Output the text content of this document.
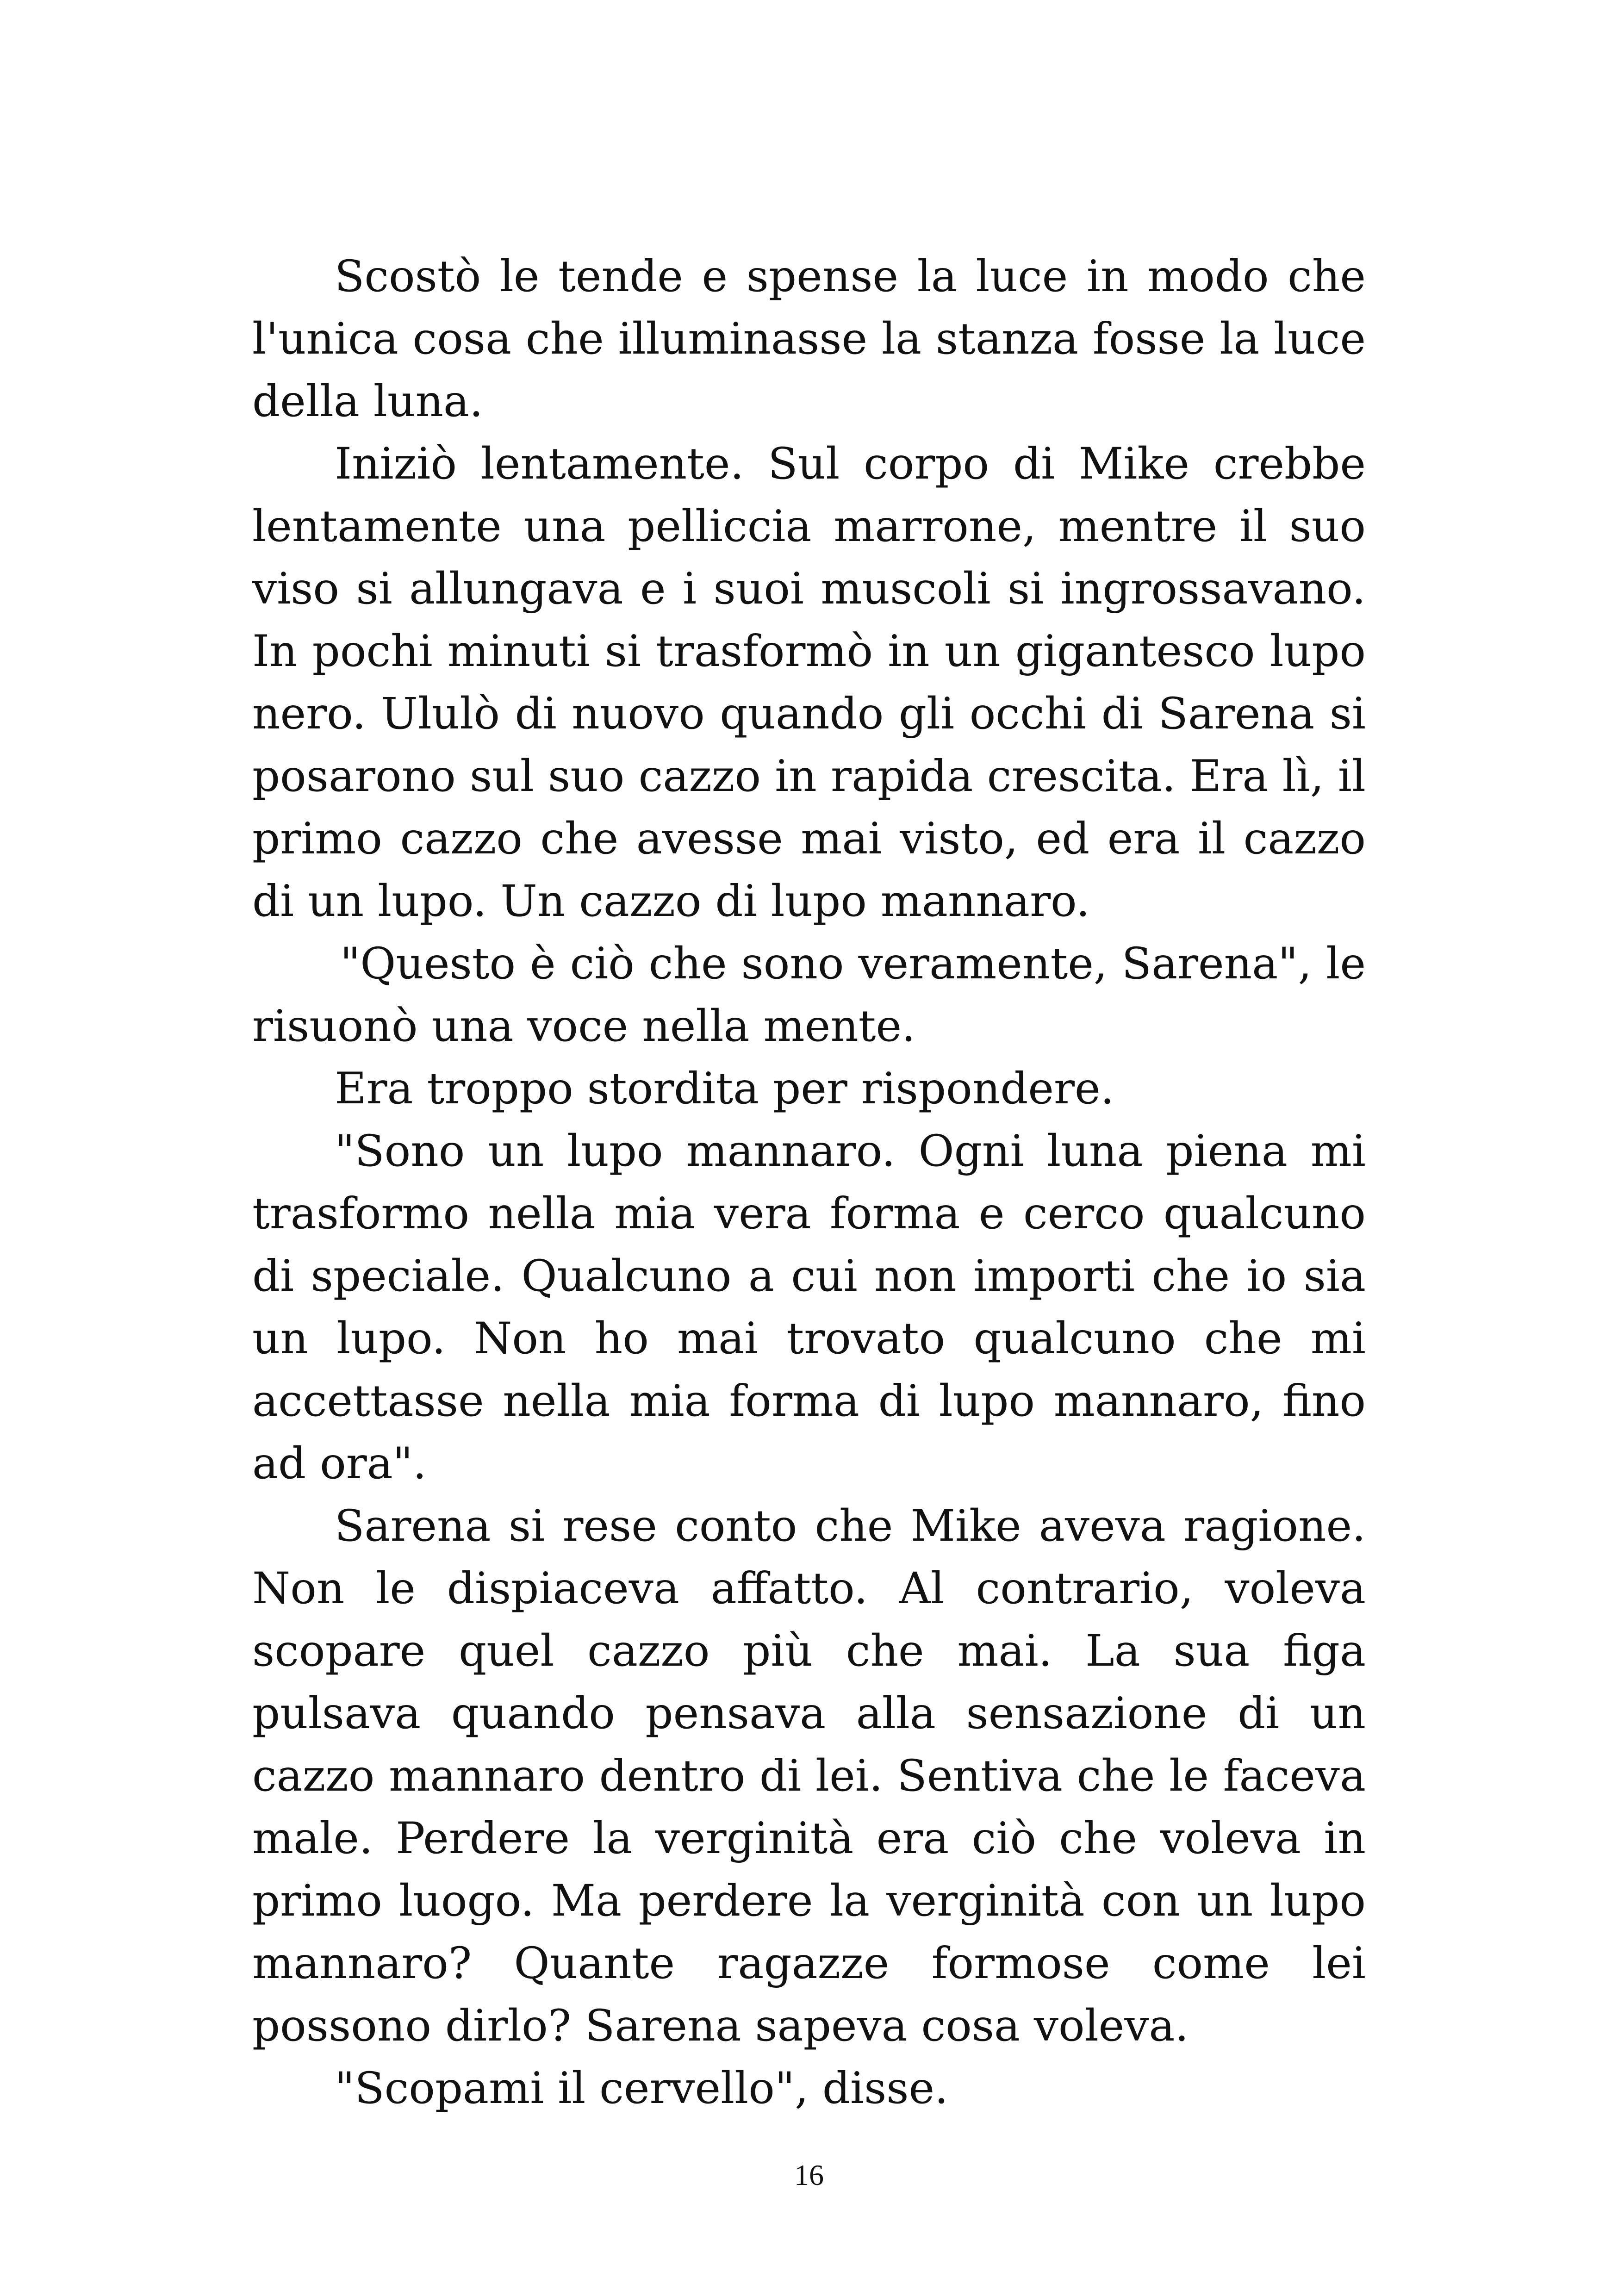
Scostò le tende e spense la luce in modo che l'unica cosa che illuminasse la stanza fosse la luce della luna.

Iniziò lentamente. Sul corpo di Mike crebbe lentamente una pelliccia marrone, mentre il suo viso si allungava e i suoi muscoli si ingrossavano. In pochi minuti si trasformò in un gigantesco lupo nero. Ululò di nuovo quando gli occhi di Sarena si posarono sul suo cazzo in rapida crescita. Era lì, il primo cazzo che avesse mai visto, ed era il cazzo di un lupo. Un cazzo di lupo mannaro.

"Questo è ciò che sono veramente, Sarena", le risuonò una voce nella mente.

Era troppo stordita per rispondere.

"Sono un lupo mannaro. Ogni luna piena mi trasformo nella mia vera forma e cerco qualcuno di speciale. Qualcuno a cui non importi che io sia un lupo. Non ho mai trovato qualcuno che mi accettasse nella mia forma di lupo mannaro, fino ad ora".

Sarena si rese conto che Mike aveva ragione. Non le dispiaceva affatto. Al contrario, voleva scopare quel cazzo più che mai. La sua figa pulsava quando pensava alla sensazione di un cazzo mannaro dentro di lei. Sentiva che le faceva male. Perdere la verginità era ciò che voleva in primo luogo. Ma perdere la verginità con un lupo mannaro? Quante ragazze formose come lei possono dirlo? Sarena sapeva cosa voleva.

"Scopami il cervello", disse.

16
